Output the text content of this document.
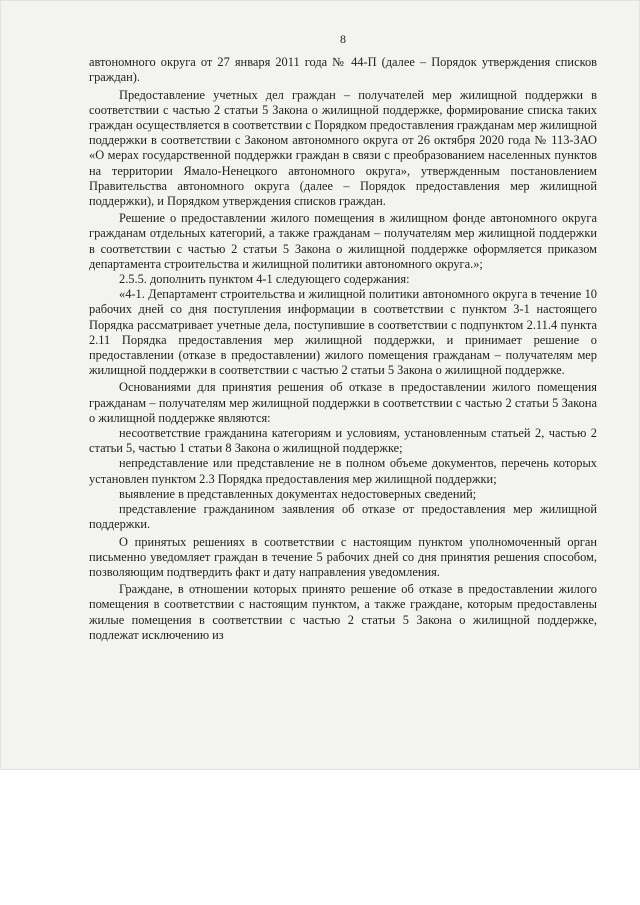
8

автономного округа от 27 января 2011 года № 44-П (далее – Порядок утверждения списков граждан).

Предоставление учетных дел граждан – получателей мер жилищной поддержки в соответствии с частью 2 статьи 5 Закона о жилищной поддержке, формирование списка таких граждан осуществляется в соответствии с Порядком предоставления гражданам мер жилищной поддержки в соответствии с Законом автономного округа от 26 октября 2020 года № 113-ЗАО «О мерах государственной поддержки граждан в связи с преобразованием населенных пунктов на территории Ямало-Ненецкого автономного округа», утвержденным постановлением Правительства автономного округа (далее – Порядок предоставления мер жилищной поддержки), и Порядком утверждения списков граждан.

Решение о предоставлении жилого помещения в жилищном фонде автономного округа гражданам отдельных категорий, а также гражданам – получателям мер жилищной поддержки в соответствии с частью 2 статьи 5 Закона о жилищной поддержке оформляется приказом департамента строительства и жилищной политики автономного округа.»;

2.5.5. дополнить пунктом 4-1 следующего содержания:

«4-1. Департамент строительства и жилищной политики автономного округа в течение 10 рабочих дней со дня поступления информации в соответствии с пунктом 3-1 настоящего Порядка рассматривает учетные дела, поступившие в соответствии с подпунктом 2.11.4 пункта 2.11 Порядка предоставления мер жилищной поддержки, и принимает решение о предоставлении (отказе в предоставлении) жилого помещения гражданам – получателям мер жилищной поддержки в соответствии с частью 2 статьи 5 Закона о жилищной поддержке.

Основаниями для принятия решения об отказе в предоставлении жилого помещения гражданам – получателям мер жилищной поддержки в соответствии с частью 2 статьи 5 Закона о жилищной поддержке являются:

несоответствие гражданина категориям и условиям, установленным статьей 2, частью 2 статьи 5, частью 1 статьи 8 Закона о жилищной поддержке;

непредставление или представление не в полном объеме документов, перечень которых установлен пунктом 2.3 Порядка предоставления мер жилищной поддержки;

выявление в представленных документах недостоверных сведений;

представление гражданином заявления об отказе от предоставления мер жилищной поддержки.

О принятых решениях в соответствии с настоящим пунктом уполномоченный орган письменно уведомляет граждан в течение 5 рабочих дней со дня принятия решения способом, позволяющим подтвердить факт и дату направления уведомления.

Граждане, в отношении которых принято решение об отказе в предоставлении жилого помещения в соответствии с настоящим пунктом, а также граждане, которым предоставлены жилые помещения в соответствии с частью 2 статьи 5 Закона о жилищной поддержке, подлежат исключению из
